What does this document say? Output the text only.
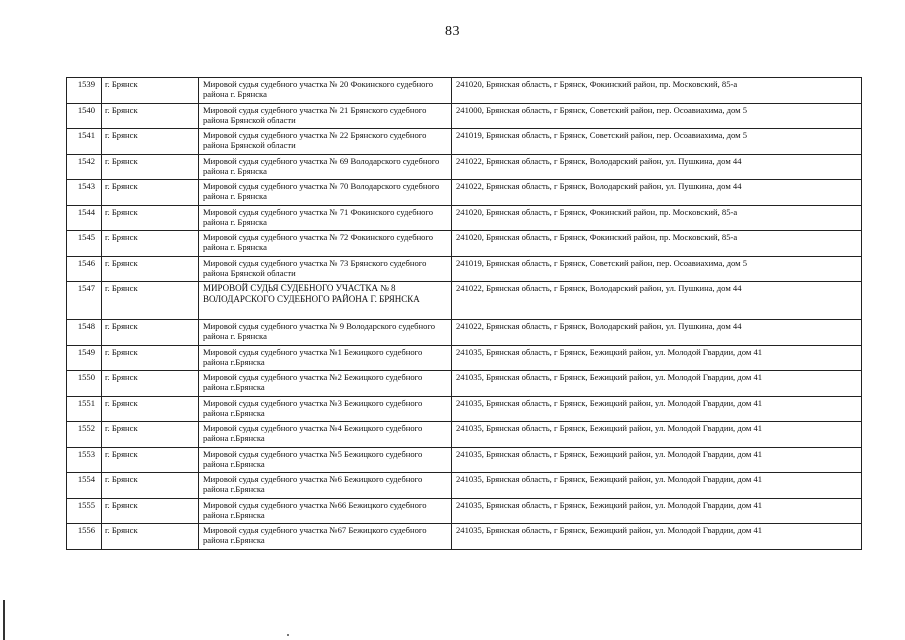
83
1539	г. Брянск	Мировой судья судебного участка № 20 Фокинского судебного района г. Брянска	241020, Брянская область, г Брянск, Фокинский район, пр. Московский, 85-а
1540	г. Брянск	Мировой судья судебного участка № 21 Брянского судебного района Брянской области	241000, Брянская область, г Брянск, Советский район, пер. Осоавиахима, дом 5
1541	г. Брянск	Мировой судья судебного участка № 22 Брянского судебного района Брянской области	241019, Брянская область, г Брянск, Советский район, пер. Осоавиахима, дом 5
1542	г. Брянск	Мировой судья судебного участка № 69 Володарского судебного района г. Брянска	241022, Брянская область, г Брянск, Володарский район, ул. Пушкина, дом 44
1543	г. Брянск	Мировой судья судебного участка № 70 Володарского судебного района г. Брянска	241022, Брянская область, г Брянск, Володарский район, ул. Пушкина, дом 44
1544	г. Брянск	Мировой судья судебного участка № 71 Фокинского судебного района г. Брянска	241020, Брянская область, г Брянск, Фокинский район, пр. Московский, 85-а
1545	г. Брянск	Мировой судья судебного участка № 72 Фокинского судебного района г. Брянска	241020, Брянская область, г Брянск, Фокинский район, пр. Московский, 85-а
1546	г. Брянск	Мировой судья судебного участка № 73 Брянского судебного района Брянской области	241019, Брянская область, г Брянск, Советский район, пер. Осоавиахима, дом 5
1547	г. Брянск	МИРОВОЙ СУДЬЯ СУДЕБНОГО УЧАСТКА № 8 ВОЛОДАРСКОГО СУДЕБНОГО РАЙОНА Г. БРЯНСКА	241022, Брянская область, г Брянск, Володарский район, ул. Пушкина, дом 44
1548	г. Брянск	Мировой судья судебного участка № 9 Володарского судебного района г. Брянска	241022, Брянская область, г Брянск, Володарский район, ул. Пушкина, дом 44
1549	г. Брянск	Мировой судья судебного участка №1 Бежицкого судебного района г.Брянска	241035, Брянская область, г Брянск, Бежицкий район, ул. Молодой Гвардии, дом 41
1550	г. Брянск	Мировой судья судебного участка №2 Бежицкого судебного района г.Брянска	241035, Брянская область, г Брянск, Бежицкий район, ул. Молодой Гвардии, дом 41
1551	г. Брянск	Мировой судья судебного участка №3 Бежицкого судебного района г.Брянска	241035, Брянская область, г Брянск, Бежицкий район, ул. Молодой Гвардии, дом 41
1552	г. Брянск	Мировой судья судебного участка №4 Бежицкого судебного района г.Брянска	241035, Брянская область, г Брянск, Бежицкий район, ул. Молодой Гвардии, дом 41
1553	г. Брянск	Мировой судья судебного участка №5 Бежицкого судебного района г.Брянска	241035, Брянская область, г Брянск, Бежицкий район, ул. Молодой Гвардии, дом 41
1554	г. Брянск	Мировой судья судебного участка №6 Бежицкого судебного района г.Брянска	241035, Брянская область, г Брянск, Бежицкий район, ул. Молодой Гвардии, дом 41
1555	г. Брянск	Мировой судья судебного участка №66 Бежицкого судебного района г.Брянска	241035, Брянская область, г Брянск, Бежицкий район, ул. Молодой Гвардии, дом 41
1556	г. Брянск	Мировой судья судебного участка №67 Бежицкого судебного района г.Брянска	241035, Брянская область, г Брянск, Бежицкий район, ул. Молодой Гвардии, дом 41
